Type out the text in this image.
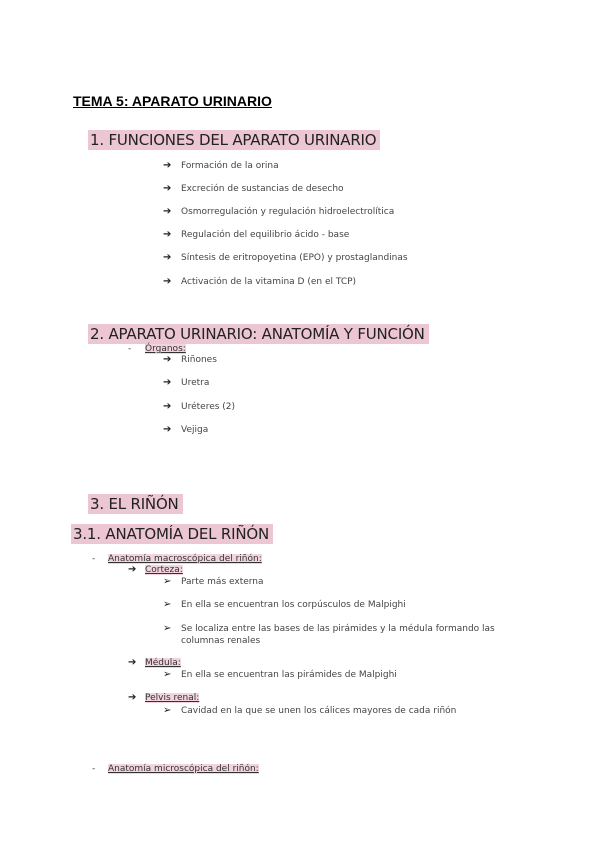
TEMA 5: APARATO URINARIO
1. FUNCIONES DEL APARATO URINARIO
➔ Formación de la orina
➔ Excreción de sustancias de desecho
➔ Osmorregulación y regulación hidroelectrolítica
➔ Regulación del equilibrio ácido - base
➔ Síntesis de eritropoyetina (EPO) y prostaglandinas
➔ Activación de la vitamina D (en el TCP)
2. APARATO URINARIO: ANATOMÍA Y FUNCIÓN
- Órganos:
➔ Riñones
➔ Uretra
➔ Uréteres (2)
➔ Vejiga
3. EL RIÑÓN
3.1. ANATOMÍA DEL RIÑÓN
- Anatomía macroscópica del riñón:
➔ Corteza:
➢ Parte más externa
➢ En ella se encuentran los corpúsculos de Malpighi
➢ Se localiza entre las bases de las pirámides y la médula formando las
columnas renales
➔ Médula:
➢ En ella se encuentran las pirámides de Malpighi
➔ Pelvis renal:
➢ Cavidad en la que se unen los cálices mayores de cada riñón
- Anatomía microscópica del riñón:
